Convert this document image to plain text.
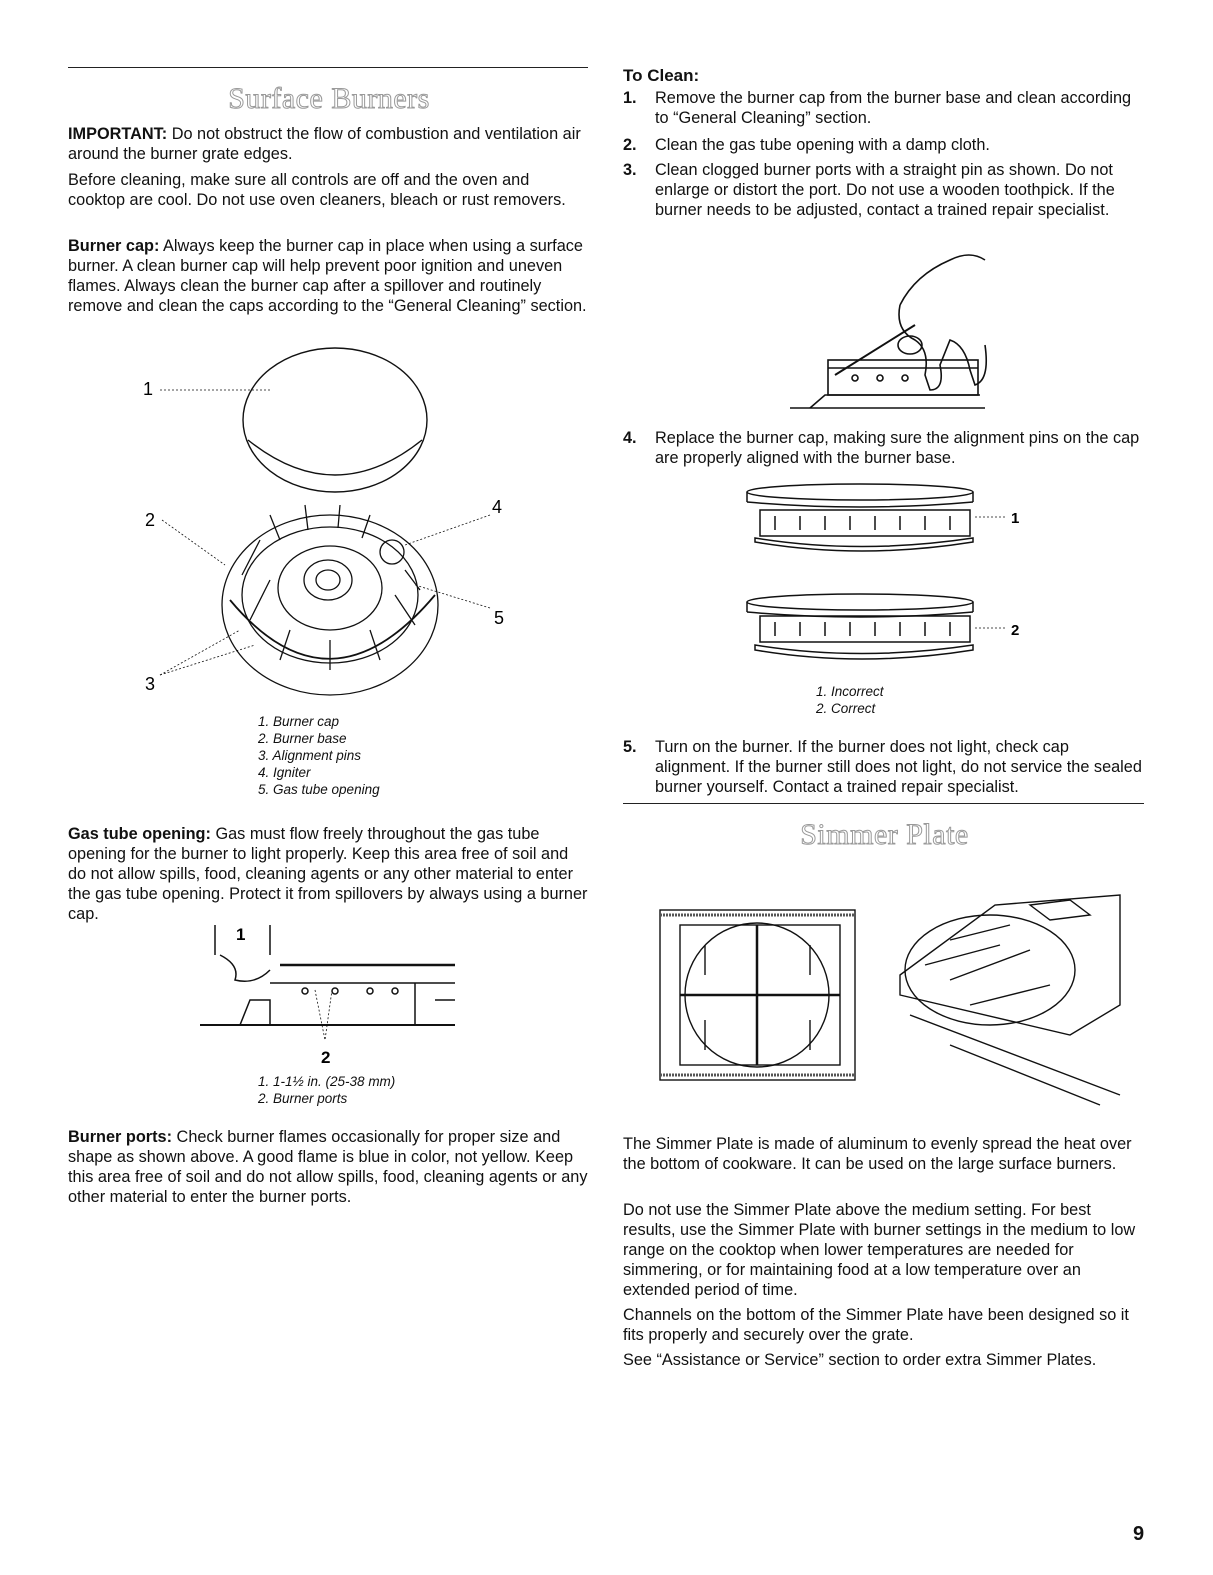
Surface Burners

IMPORTANT: Do not obstruct the flow of combustion and ventilation air around the burner grate edges.

Before cleaning, make sure all controls are off and the oven and cooktop are cool. Do not use oven cleaners, bleach or rust removers.

Burner cap: Always keep the burner cap in place when using a surface burner. A clean burner cap will help prevent poor ignition and uneven flames. Always clean the burner cap after a spillover and routinely remove and clean the caps according to the “General Cleaning” section.

1
2
3
4
5
1. Burner cap
2. Burner base
3. Alignment pins
4. Igniter
5. Gas tube opening

Gas tube opening: Gas must flow freely throughout the gas tube opening for the burner to light properly. Keep this area free of soil and do not allow spills, food, cleaning agents or any other material to enter the gas tube opening. Protect it from spillovers by always using a burner cap.

1
2
1. 1-1½ in. (25-38 mm)
2. Burner ports

Burner ports: Check burner flames occasionally for proper size and shape as shown above. A good flame is blue in color, not yellow. Keep this area free of soil and do not allow spills, food, cleaning agents or any other material to enter the burner ports.

To Clean:

1. Remove the burner cap from the burner base and clean according to “General Cleaning” section.
2. Clean the gas tube opening with a damp cloth.
3. Clean clogged burner ports with a straight pin as shown. Do not enlarge or distort the port. Do not use a wooden toothpick. If the burner needs to be adjusted, contact a trained repair specialist.
4. Replace the burner cap, making sure the alignment pins on the cap are properly aligned with the burner base.
1
2
1. Incorrect
2. Correct
5. Turn on the burner. If the burner does not light, check cap alignment. If the burner still does not light, do not service the sealed burner yourself. Contact a trained repair specialist.
Simmer Plate

The Simmer Plate is made of aluminum to evenly spread the heat over the bottom of cookware. It can be used on the large surface burners.

Do not use the Simmer Plate above the medium setting. For best results, use the Simmer Plate with burner settings in the medium to low range on the cooktop when lower temperatures are needed for simmering, or for maintaining food at a low temperature over an extended period of time.

Channels on the bottom of the Simmer Plate have been designed so it fits properly and securely over the grate.

See “Assistance or Service” section to order extra Simmer Plates.

9
